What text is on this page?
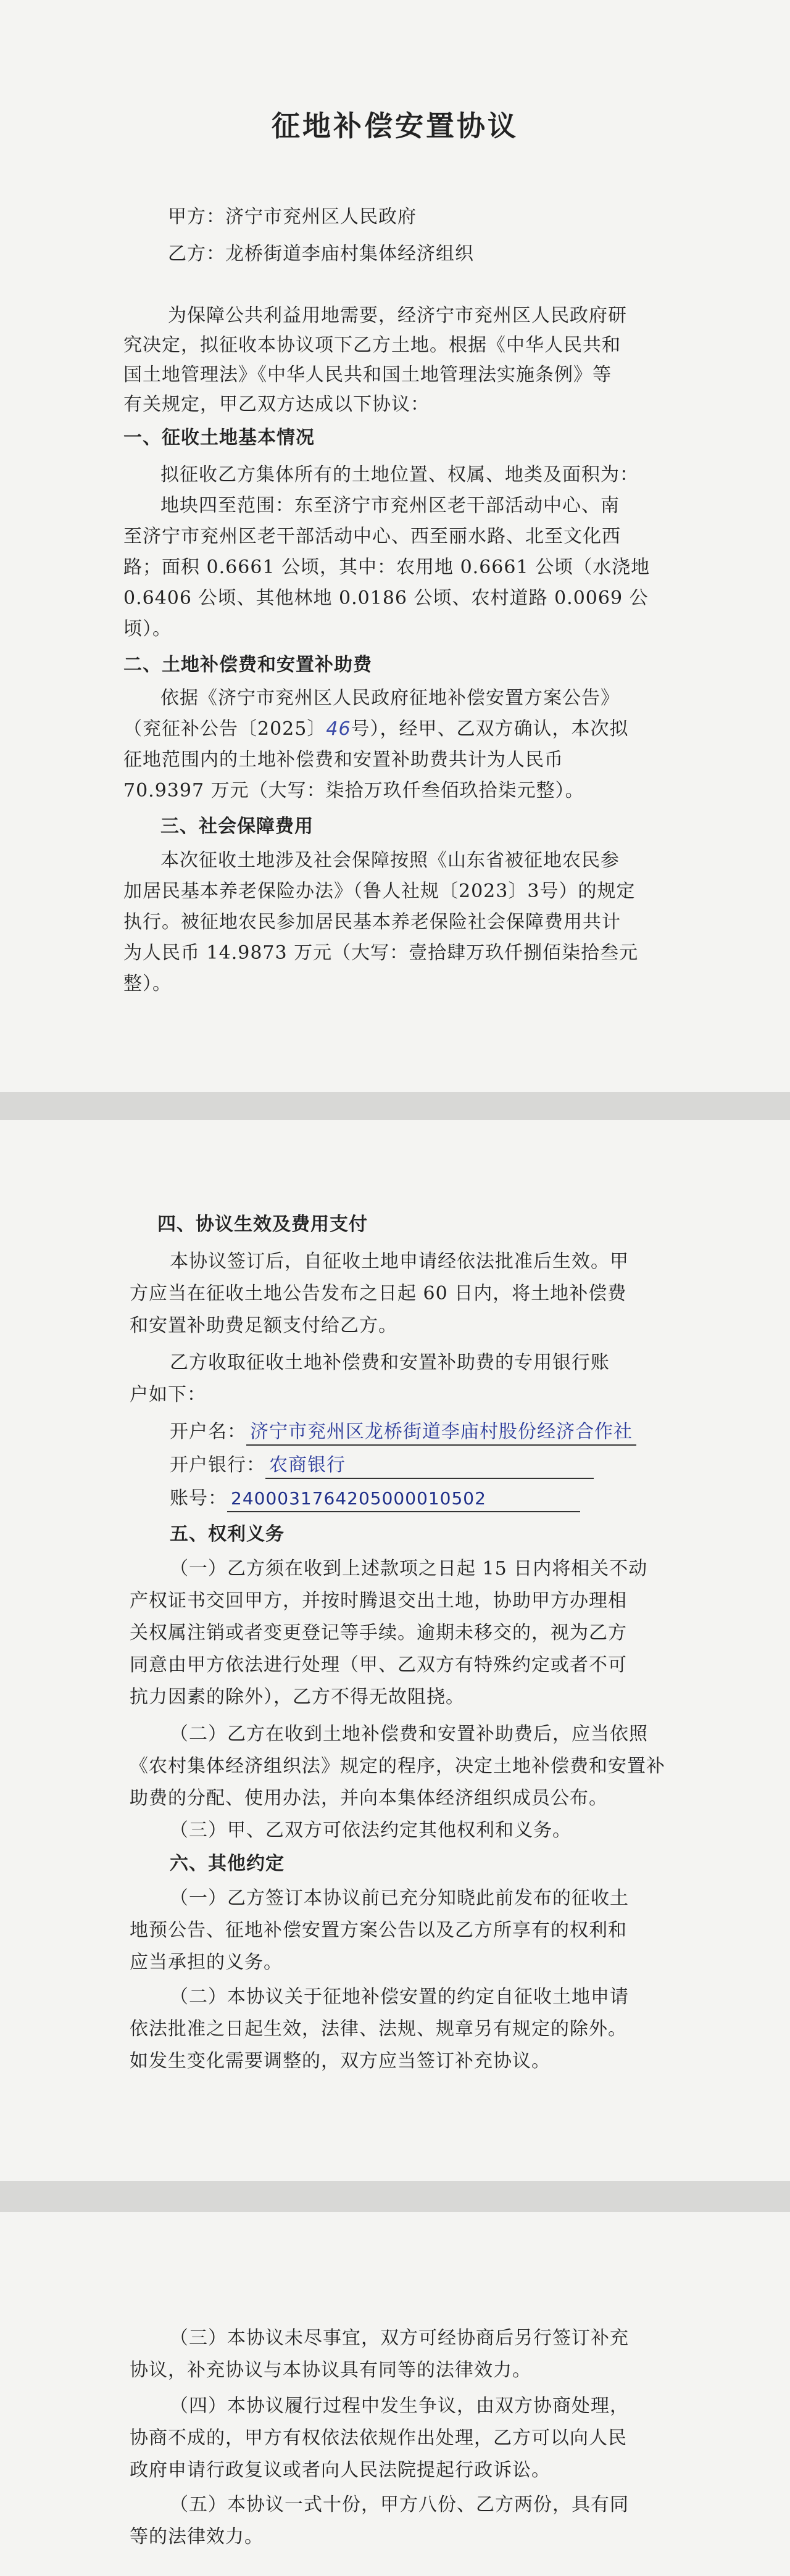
征地补偿安置协议
甲方：济宁市兖州区人民政府
乙方：龙桥街道李庙村集体经济组织
为保障公共利益用地需要，经济宁市兖州区人民政府研
究决定，拟征收本协议项下乙方土地。根据《中华人民共和
国土地管理法》《中华人民共和国土地管理法实施条例》等
有关规定，甲乙双方达成以下协议：
一、征收土地基本情况
拟征收乙方集体所有的土地位置、权属、地类及面积为：
地块四至范围：东至济宁市兖州区老干部活动中心、南
至济宁市兖州区老干部活动中心、西至丽水路、北至文化西
路；面积 0.6661 公顷，其中：农用地 0.6661 公顷（水浇地
0.6406 公顷、其他林地 0.0186 公顷、农村道路 0.0069 公
顷）。
二、土地补偿费和安置补助费
依据《济宁市兖州区人民政府征地补偿安置方案公告》
（兖征补公告〔2025〕46号），经甲、乙双方确认，本次拟
征地范围内的土地补偿费和安置补助费共计为人民币
70.9397 万元（大写：柒拾万玖仟叁佰玖拾柒元整）。
三、社会保障费用
本次征收土地涉及社会保障按照《山东省被征地农民参
加居民基本养老保险办法》（鲁人社规〔2023〕3号）的规定
执行。被征地农民参加居民基本养老保险社会保障费用共计
为人民币 14.9873 万元（大写：壹拾肆万玖仟捌佰柒拾叁元
整）。
四、协议生效及费用支付
本协议签订后，自征收土地申请经依法批准后生效。甲
方应当在征收土地公告发布之日起 60 日内，将土地补偿费
和安置补助费足额支付给乙方。
乙方收取征收土地补偿费和安置补助费的专用银行账
户如下：
开户名： 济宁市兖州区龙桥街道李庙村股份经济合作社
开户银行： 农商银行
账号： 24000317642050000105​02
五、权利义务
（一）乙方须在收到上述款项之日起 15 日内将相关不动
产权证书交回甲方，并按时腾退交出土地，协助甲方办理相
关权属注销或者变更登记等手续。逾期未移交的，视为乙方
同意由甲方依法进行处理（甲、乙双方有特殊约定或者不可
抗力因素的除外），乙方不得无故阻挠。
（二）乙方在收到土地补偿费和安置补助费后，应当依照
《农村集体经济组织法》规定的程序，决定土地补偿费和安置补
助费的分配、使用办法，并向本集体经济组织成员公布。
（三）甲、乙双方可依法约定其他权利和义务。
六、其他约定
（一）乙方签订本协议前已充分知晓此前发布的征收土
地预公告、征地补偿安置方案公告以及乙方所享有的权利和
应当承担的义务。
（二）本协议关于征地补偿安置的约定自征收土地申请
依法批准之日起生效，法律、法规、规章另有规定的除外。
如发生变化需要调整的，双方应当签订补充协议。
（三）本协议未尽事宜，双方可经协商后另行签订补充
协议，补充协议与本协议具有同等的法律效力。
（四）本协议履行过程中发生争议，由双方协商处理，
协商不成的，甲方有权依法依规作出处理，乙方可以向人民
政府申请行政复议或者向人民法院提起行政诉讼。
（五）本协议一式十份，甲方八份、乙方两份，具有同
等的法律效力。
